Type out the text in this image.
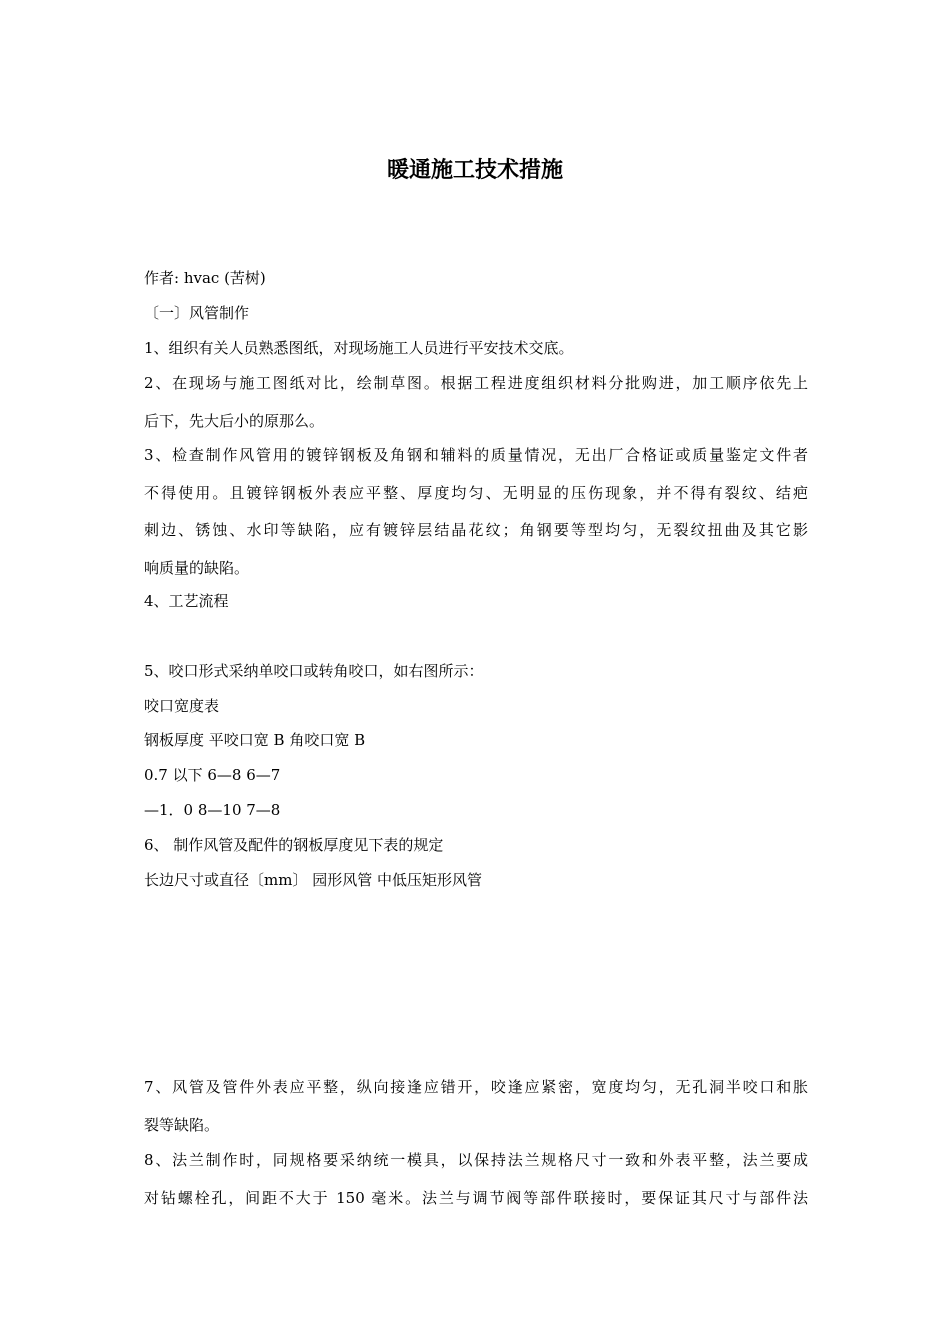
暖通施工技术措施

作者: hvac (苦树)

〔一〕风管制作

1、组织有关人员熟悉图纸，对现场施工人员进行平安技术交底。

2、在现场与施工图纸对比，绘制草图。根据工程进度组织材料分批购进，加工顺序依先上

后下，先大后小的原那么。

3、检查制作风管用的镀锌钢板及角钢和辅料的质量情况，无出厂合格证或质量鉴定文件者

不得使用。且镀锌钢板外表应平整、厚度均匀、无明显的压伤现象，并不得有裂纹、结疤

刺边、锈蚀、水印等缺陷，应有镀锌层结晶花纹；角钢要等型均匀，无裂纹扭曲及其它影

响质量的缺陷。

4、工艺流程

5、咬口形式采纳单咬口或转角咬口，如右图所示：

咬口宽度表

钢板厚度 平咬口宽 B 角咬口宽 B

0.7 以下 6—8 6—7

—1．0 8—10 7—8

6、 制作风管及配件的钢板厚度见下表的规定

长边尺寸或直径〔mm〕 园形风管 中低压矩形风管

7、风管及管件外表应平整，纵向接逢应错开，咬逢应紧密，宽度均匀，无孔洞半咬口和胀

裂等缺陷。

8、法兰制作时，同规格要采纳统一模具，以保持法兰规格尺寸一致和外表平整，法兰要成

对钻螺栓孔，间距不大于 150 毫米。法兰与调节阀等部件联接时，要保证其尺寸与部件法
